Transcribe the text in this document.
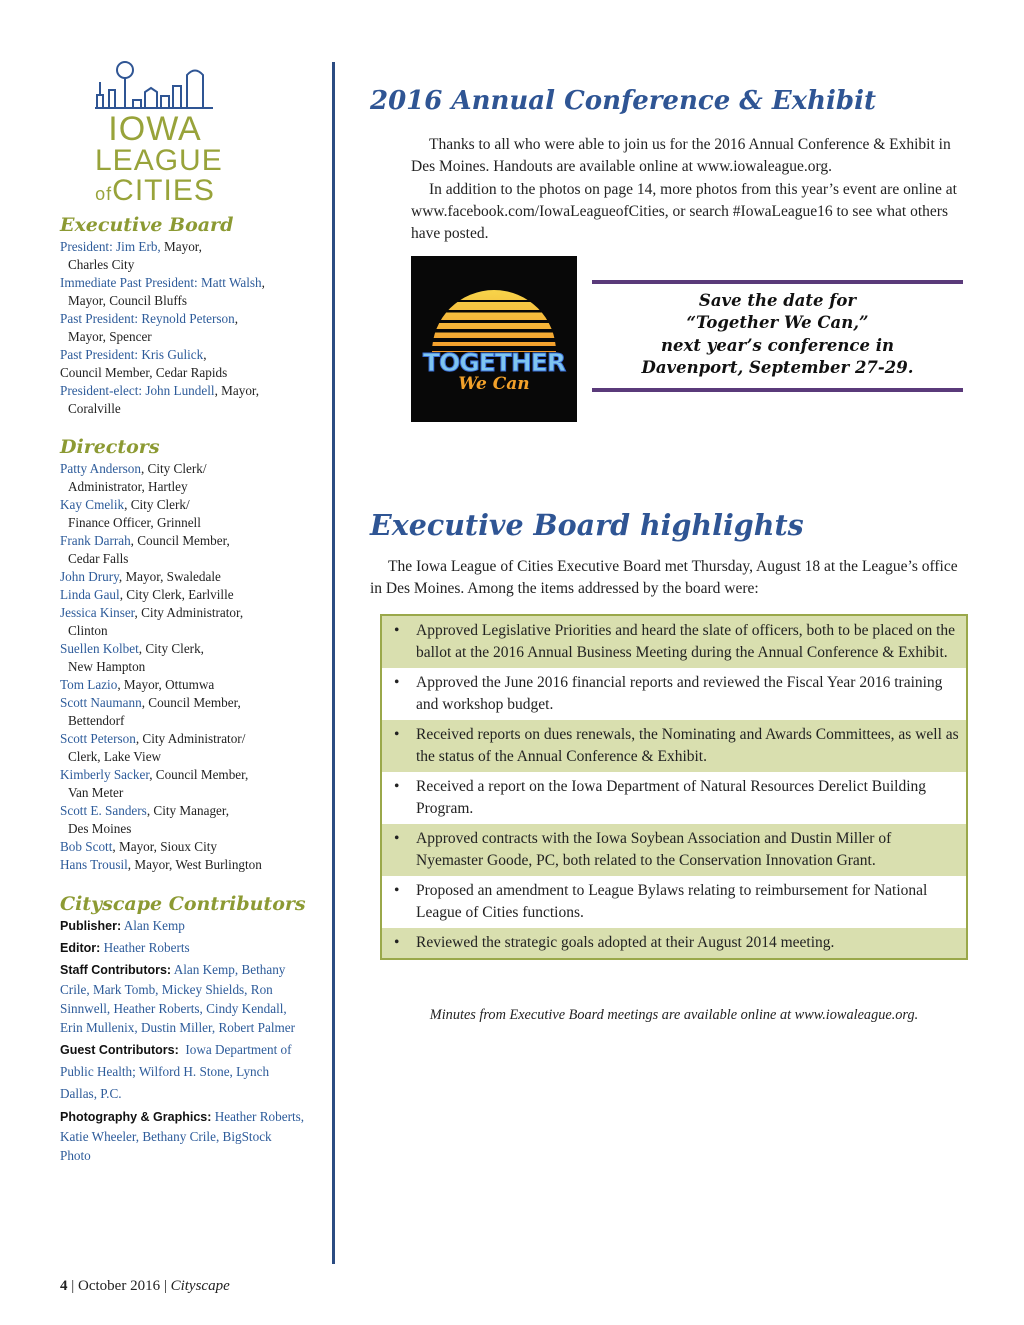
IOWA
LEAGUE
ofCITIES
Executive Board
President: Jim Erb, Mayor,
Charles City
Immediate Past President: Matt Walsh,
Mayor, Council Bluffs
Past President: Reynold Peterson,
Mayor, Spencer
Past President: Kris Gulick,
Council Member, Cedar Rapids
President-elect: John Lundell, Mayor,
Coralville
Directors
Patty Anderson, City Clerk/
Administrator, Hartley
Kay Cmelik, City Clerk/
Finance Officer, Grinnell
Frank Darrah, Council Member,
Cedar Falls
John Drury, Mayor, Swaledale
Linda Gaul, City Clerk, Earlville
Jessica Kinser, City Administrator,
Clinton
Suellen Kolbet, City Clerk,
New Hampton
Tom Lazio, Mayor, Ottumwa
Scott Naumann, Council Member,
Bettendorf
Scott Peterson, City Administrator/
Clerk, Lake View
Kimberly Sacker, Council Member,
Van Meter
Scott E. Sanders, City Manager,
Des Moines
Bob Scott, Mayor, Sioux City
Hans Trousil, Mayor, West Burlington
Cityscape Contributors
Publisher: Alan Kemp
Editor: Heather Roberts
Staff Contributors: Alan Kemp, Bethany Crile, Mark Tomb, Mickey Shields, Ron Sinnwell, Heather Roberts, Cindy Kendall, Erin Mullenix, Dustin Miller, Robert Palmer
Guest Contributors: Iowa Department of Public Health; Wilford H. Stone, Lynch Dallas, P.C.
Photography & Graphics: Heather Roberts, Katie Wheeler, Bethany Crile, BigStock Photo
4 | October 2016 | Cityscape
2016 Annual Conference & Exhibit

Thanks to all who were able to join us for the 2016 Annual Conference & Exhibit in Des Moines. Handouts are available online at www.iowaleague.org.

In addition to the photos on page 14, more photos from this year’s event are online at www.facebook.com/IowaLeagueofCities, or search #IowaLeague16 to see what others have posted.

TOGETHER
We Can
Save the date for
“Together We Can,”
next year’s conference in
Davenport, September 27-29.
Executive Board highlights

The Iowa League of Cities Executive Board met Thursday, August 18 at the League’s office in Des Moines. Among the items addressed by the board were:

• Approved Legislative Priorities and heard the slate of officers, both to be placed on the ballot at the 2016 Annual Business Meeting during the Annual Conference & Exhibit.
• Approved the June 2016 financial reports and reviewed the Fiscal Year 2016 training and workshop budget.
• Received reports on dues renewals, the Nominating and Awards Committees, as well as the status of the Annual Conference & Exhibit.
• Received a report on the Iowa Department of Natural Resources Derelict Building Program.
• Approved contracts with the Iowa Soybean Association and Dustin Miller of Nyemaster Goode, PC, both related to the Conservation Innovation Grant.
• Proposed an amendment to League Bylaws relating to reimbursement for National League of Cities functions.
• Reviewed the strategic goals adopted at their August 2014 meeting.
Minutes from Executive Board meetings are available online at www.iowaleague.org.
